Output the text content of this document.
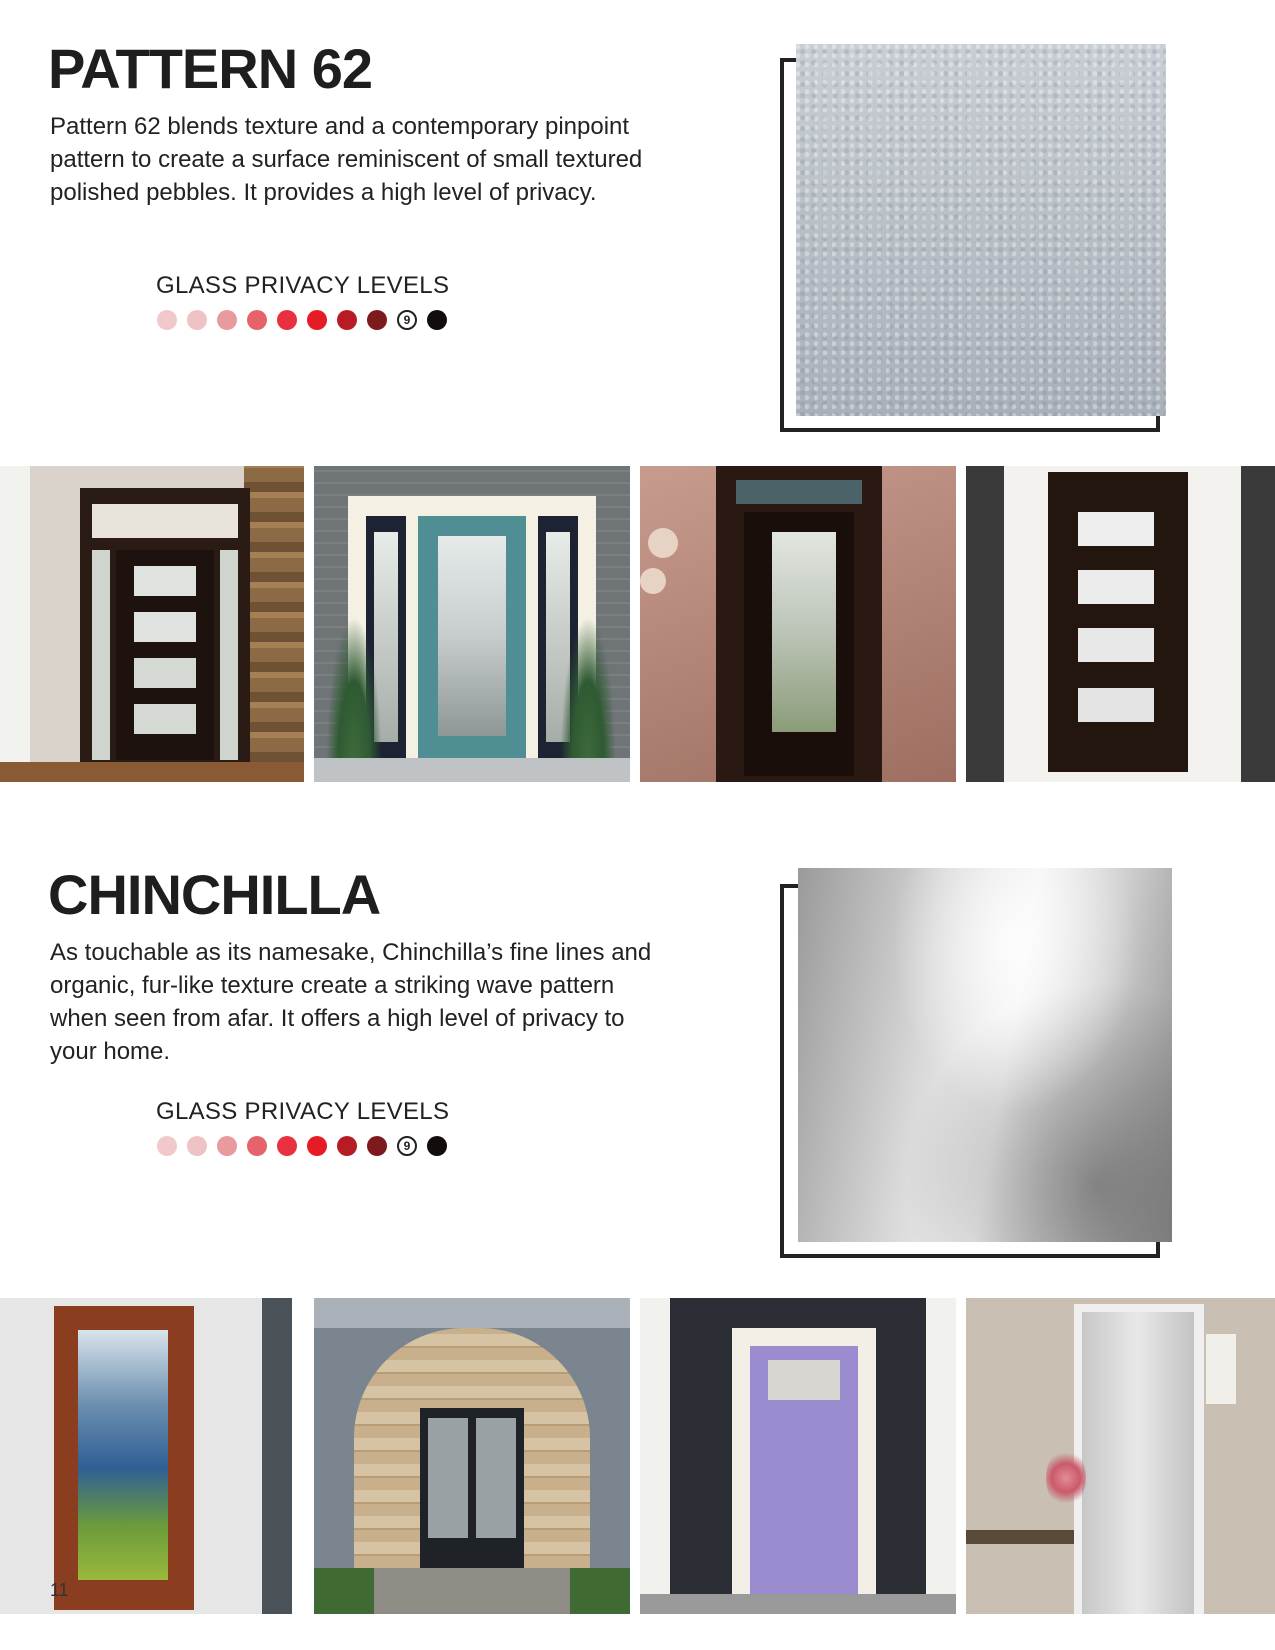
PATTERN 62

Pattern 62 blends texture and a contemporary pinpoint pattern to create a surface reminiscent of small textured polished pebbles. It provides a high level of privacy.

GLASS PRIVACY LEVELS
9
CHINCHILLA

As touchable as its namesake, Chinchilla’s fine lines and organic, fur-like texture create a striking wave pattern when seen from afar. It offers a high level of privacy to your home.

GLASS PRIVACY LEVELS
9
11
